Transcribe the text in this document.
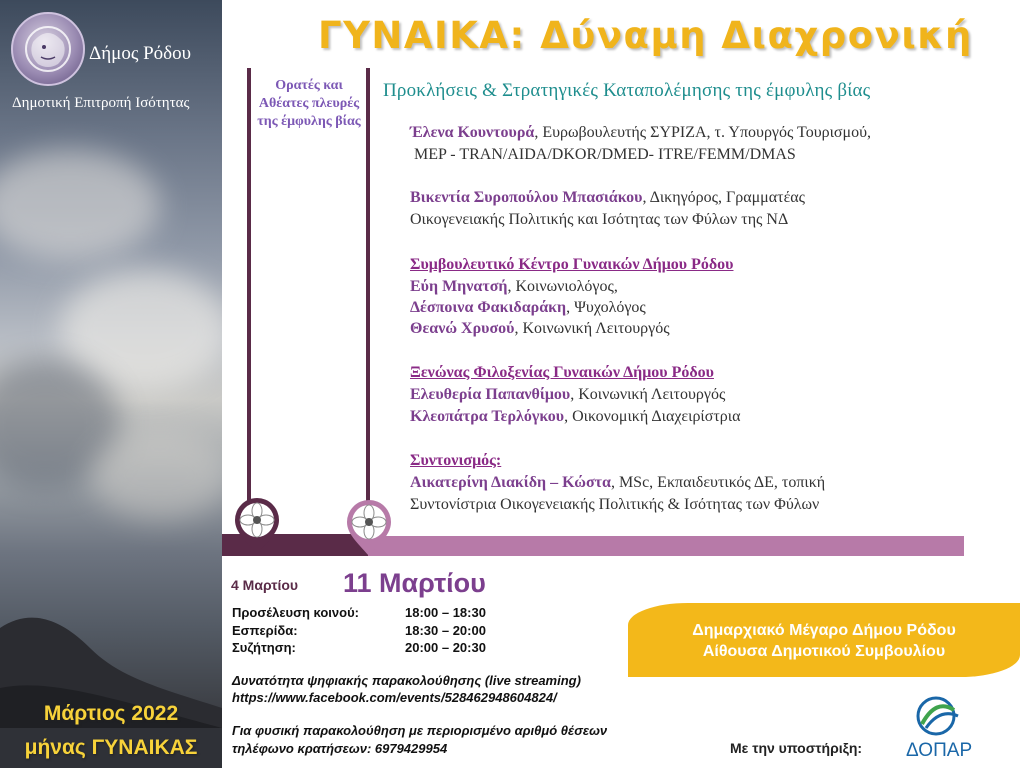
Δήμος Ρόδου
Δημοτική Επιτροπή Ισότητας
Μάρτιος 2022
μήνας ΓΥΝΑΙΚΑΣ
ΓΥΝΑΙΚΑ: Δύναμη Διαχρονική
Ορατές και Αθέατες πλευρές της έμφυλης βίας
Προκλήσεις & Στρατηγικές Καταπολέμησης της έμφυλης βίας
Έλενα Κουντουρά, Ευρωβουλευτής ΣΥΡΙΖΑ, τ. Υπουργός Τουρισμού,
MEP - TRAN/AIDA/DKOR/DMED- ITRE/FEMM/DMAS
Βικεντία Συροπούλου Μπασιάκου, Δικηγόρος, Γραμματέας
Οικογενειακής Πολιτικής και Ισότητας των Φύλων της ΝΔ
Συμβουλευτικό Κέντρο Γυναικών Δήμου Ρόδου
Εύη Μηνατσή, Κοινωνιολόγος,
Δέσποινα Φακιδαράκη, Ψυχολόγος
Θεανώ Χρυσού, Κοινωνική Λειτουργός
Ξενώνας Φιλοξενίας Γυναικών Δήμου Ρόδου
Ελευθερία Παπανθίμου, Κοινωνική Λειτουργός
Κλεοπάτρα Τερλόγκου, Οικονομική Διαχειρίστρια
Συντονισμός:
Αικατερίνη Διακίδη – Κώστα, MSc, Εκπαιδευτικός ΔΕ, τοπική
Συντονίστρια Οικογενειακής Πολιτικής & Ισότητας των Φύλων
4 Μαρτίου 11 Μαρτίου
Προσέλευση κοινού:	18:00 – 18:30
Εσπερίδα:	18:30 – 20:00
Συζήτηση:	20:00 – 20:30
Δυνατότητα ψηφιακής παρακολούθησης (live streaming)
https://www.facebook.com/events/528462948604824/
Για φυσική παρακολούθηση με περιορισμένο αριθμό θέσεων
τηλέφωνο κρατήσεων: 6979429954
Δημαρχιακό Μέγαρο Δήμου Ρόδου
Αίθουσα Δημοτικού Συμβουλίου
Με την υποστήριξη: ΔΟΠΑΡ
